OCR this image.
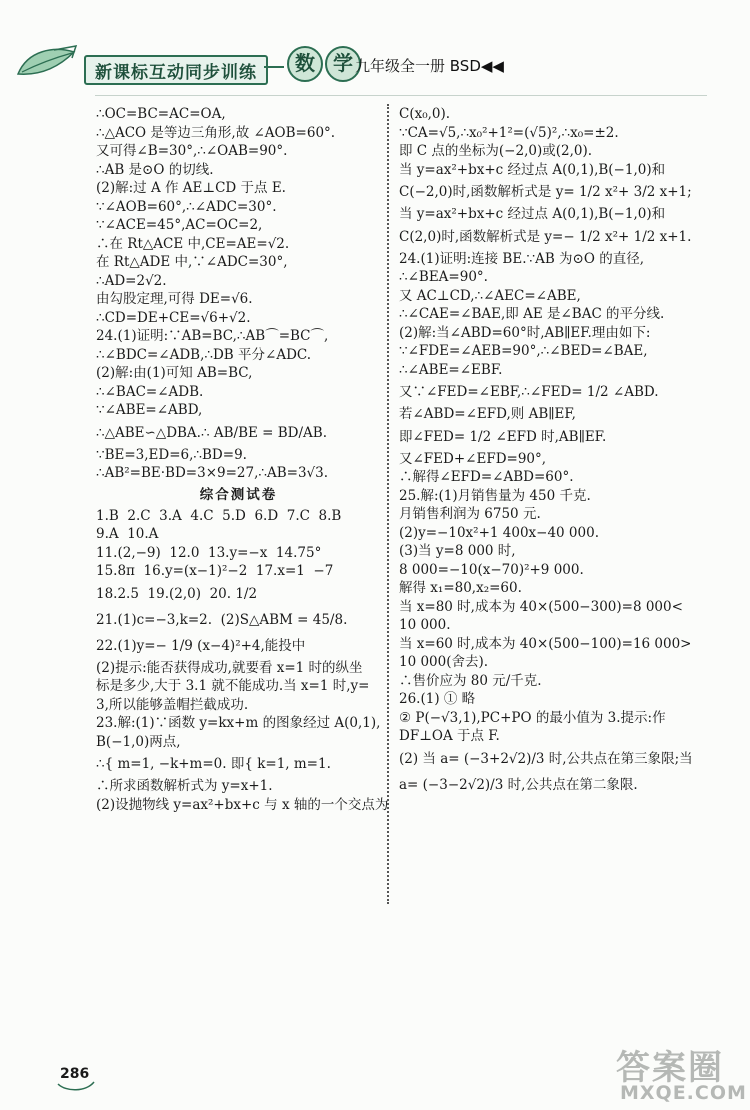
新课标互动同步训练	数 学 九年级全一册 BSD◀◀
∴OC=BC=AC=OA,
∴△ACO 是等边三角形,故 ∠AOB=60°.
又可得∠B=30°,∴∠OAB=90°.
∴AB 是⊙O 的切线.
(2)解:过 A 作 AE⊥CD 于点 E.
∵∠AOB=60°,∴∠ADC=30°.
∵∠ACE=45°,AC=OC=2,
∴在 Rt△ACE 中,CE=AE=√2.
在 Rt△ADE 中,∵∠ADC=30°,
∴AD=2√2.
由勾股定理,可得 DE=√6.
∴CD=DE+CE=√6+√2.
24.(1)证明:∵AB=BC,∴AB⌒=BC⌒,
∴∠BDC=∠ADB,∴DB 平分∠ADC.
(2)解:由(1)可知 AB=BC,
∴∠BAC=∠ADB.
∵∠ABE=∠ABD,
∴△ABE∽△DBA.∴ AB/BE = BD/AB.
∵BE=3,ED=6,∴BD=9.
∴AB²=BE·BD=3×9=27,∴AB=3√3.
综合测试卷
1.B  2.C  3.A  4.C  5.D  6.D  7.C  8.B
9.A  10.A
11.(2,−9)  12.0  13.y=−x  14.75°
15.8π  16.y=(x−1)²−2  17.x=1  −7
18.2.5  19.(2,0)  20. 1/2
21.(1)c=−3,k=2.  (2)S△ABM = 45/8.
22.(1)y=− 1/9 (x−4)²+4,能投中
(2)提示:能否获得成功,就要看 x=1 时的纵坐
标是多少,大于 3.1 就不能成功.当 x=1 时,y=
3,所以能够盖帽拦截成功.
23.解:(1)∵函数 y=kx+m 的图象经过 A(0,1),
B(−1,0)两点,
∴{ m=1, −k+m=0. 即{ k=1, m=1.
∴所求函数解析式为 y=x+1.
(2)设抛物线 y=ax²+bx+c 与 x 轴的一个交点为
C(x₀,0).
∵CA=√5,∴x₀²+1²=(√5)²,∴x₀=±2.
即 C 点的坐标为(−2,0)或(2,0).
当 y=ax²+bx+c 经过点 A(0,1),B(−1,0)和
C(−2,0)时,函数解析式是 y= 1/2 x²+ 3/2 x+1;
当 y=ax²+bx+c 经过点 A(0,1),B(−1,0)和
C(2,0)时,函数解析式是 y=− 1/2 x²+ 1/2 x+1.
24.(1)证明:连接 BE.∵AB 为⊙O 的直径,
∴∠BEA=90°.
又 AC⊥CD,∴∠AEC=∠ABE,
∴∠CAE=∠BAE,即 AE 是∠BAC 的平分线.
(2)解:当∠ABD=60°时,AB∥EF.理由如下:
∵∠FDE=∠AEB=90°,∴∠BED=∠BAE,
∴∠ABE=∠EBF.
又∵∠FED=∠EBF,∴∠FED= 1/2 ∠ABD.
若∠ABD=∠EFD,则 AB∥EF,
即∠FED= 1/2 ∠EFD 时,AB∥EF.
又∠FED+∠EFD=90°,
∴解得∠EFD=∠ABD=60°.
25.解:(1)月销售量为 450 千克.
月销售利润为 6750 元.
(2)y=−10x²+1 400x−40 000.
(3)当 y=8 000 时,
8 000=−10(x−70)²+9 000.
解得 x₁=80,x₂=60.
当 x=80 时,成本为 40×(500−300)=8 000<
10 000.
当 x=60 时,成本为 40×(500−100)=16 000>
10 000(舍去).
∴售价应为 80 元/千克.
26.(1) ① 略
② P(−√3,1),PC+PO 的最小值为 3.提示:作
DF⊥OA 于点 F.
(2) 当 a= (−3+2√2)/3 时,公共点在第三象限;当
a= (−3−2√2)/3 时,公共点在第二象限.
286	答案圈
MXQE.COM
